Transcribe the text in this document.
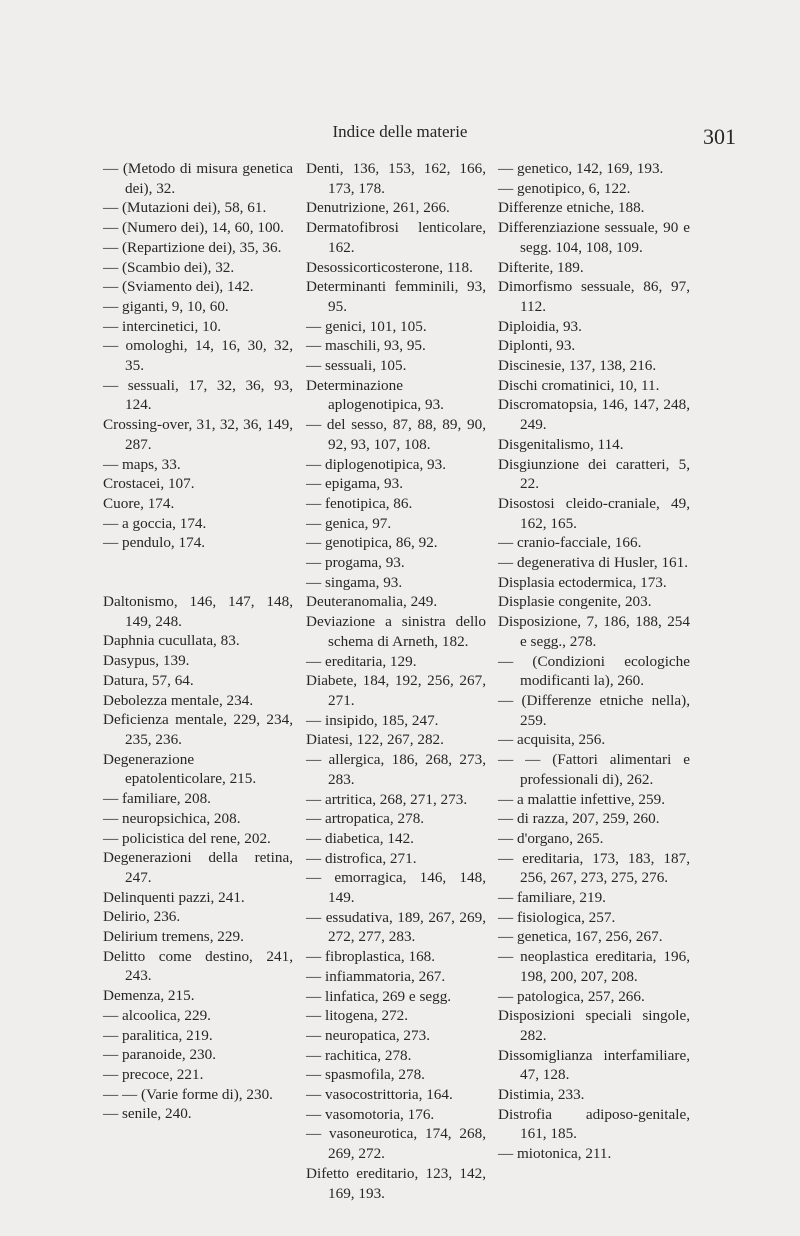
Indice delle materie	301
— (Metodo di misura genetica dei), 32.
— (Mutazioni dei), 58, 61.
— (Numero dei), 14, 60, 100.
— (Repartizione dei), 35, 36.
— (Scambio dei), 32.
— (Sviamento dei), 142.
— giganti, 9, 10, 60.
— intercinetici, 10.
— omologhi, 14, 16, 30, 32, 35.
— sessuali, 17, 32, 36, 93, 124.
Crossing-over, 31, 32, 36, 149, 287.
— maps, 33.
Crostacei, 107.
Cuore, 174.
— a goccia, 174.
— pendulo, 174.
Daltonismo, 146, 147, 148, 149, 248.
Daphnia cucullata, 83.
Dasypus, 139.
Datura, 57, 64.
Debolezza mentale, 234.
Deficienza mentale, 229, 234, 235, 236.
Degenerazione epatolenticolare, 215.
— familiare, 208.
— neuropsichica, 208.
— policistica del rene, 202.
Degenerazioni della retina, 247.
Delinquenti pazzi, 241.
Delirio, 236.
Delirium tremens, 229.
Delitto come destino, 241, 243.
Demenza, 215.
— alcoolica, 229.
— paralitica, 219.
— paranoide, 230.
— precoce, 221.
— — (Varie forme di), 230.
— senile, 240.
Denti, 136, 153, 162, 166, 173, 178.
Denutrizione, 261, 266.
Dermatofibrosi lenticolare, 162.
Desossicorticosterone, 118.
Determinanti femminili, 93, 95.
— genici, 101, 105.
— maschili, 93, 95.
— sessuali, 105.
Determinazione aplogenotipica, 93.
— del sesso, 87, 88, 89, 90, 92, 93, 107, 108.
— diplogenotipica, 93.
— epigama, 93.
— fenotipica, 86.
— genica, 97.
— genotipica, 86, 92.
— progama, 93.
— singama, 93.
Deuteranomalia, 249.
Deviazione a sinistra dello schema di Arneth, 182.
— ereditaria, 129.
Diabete, 184, 192, 256, 267, 271.
— insipido, 185, 247.
Diatesi, 122, 267, 282.
— allergica, 186, 268, 273, 283.
— artritica, 268, 271, 273.
— artropatica, 278.
— diabetica, 142.
— distrofica, 271.
— emorragica, 146, 148, 149.
— essudativa, 189, 267, 269, 272, 277, 283.
— fibroplastica, 168.
— infiammatoria, 267.
— linfatica, 269 e segg.
— litogena, 272.
— neuropatica, 273.
— rachitica, 278.
— spasmofila, 278.
— vasocostrittoria, 164.
— vasomotoria, 176.
— vasoneurotica, 174, 268, 269, 272.
Difetto ereditario, 123, 142, 169, 193.
— genetico, 142, 169, 193.
— genotipico, 6, 122.
Differenze etniche, 188.
Differenziazione sessuale, 90 e segg. 104, 108, 109.
Difterite, 189.
Dimorfismo sessuale, 86, 97, 112.
Diploidia, 93.
Diplonti, 93.
Discinesie, 137, 138, 216.
Dischi cromatinici, 10, 11.
Discromatopsia, 146, 147, 248, 249.
Disgenitalismo, 114.
Disgiunzione dei caratteri, 5, 22.
Disostosi cleido-craniale, 49, 162, 165.
— cranio-facciale, 166.
— degenerativa di Husler, 161.
Displasia ectodermica, 173.
Displasie congenite, 203.
Disposizione, 7, 186, 188, 254 e segg., 278.
— (Condizioni ecologiche modificanti la), 260.
— (Differenze etniche nella), 259.
— acquisita, 256.
— — (Fattori alimentari e professionali di), 262.
— a malattie infettive, 259.
— di razza, 207, 259, 260.
— d'organo, 265.
— ereditaria, 173, 183, 187, 256, 267, 273, 275, 276.
— familiare, 219.
— fisiologica, 257.
— genetica, 167, 256, 267.
— neoplastica ereditaria, 196, 198, 200, 207, 208.
— patologica, 257, 266.
Disposizioni speciali singole, 282.
Dissomiglianza interfamiliare, 47, 128.
Distimia, 233.
Distrofia adiposo-genitale, 161, 185.
— miotonica, 211.
